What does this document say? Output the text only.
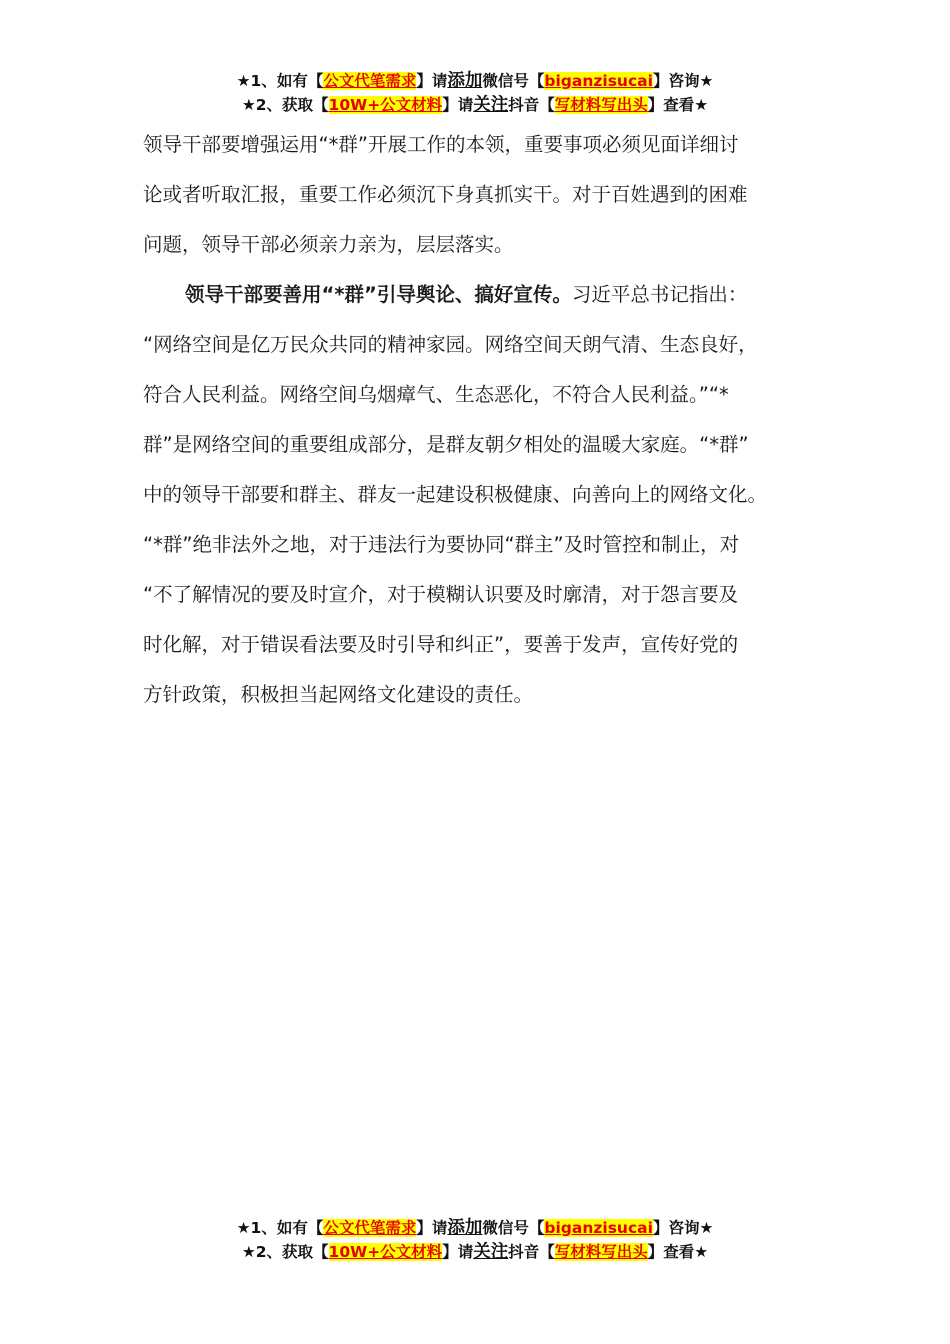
★1、如有【公文代笔需求】请添加微信号【biganzisucai】咨询★
★2、获取【10W+公文材料】请关注抖音【写材料写出头】查看★

领导干部要增强运用“*群”开展工作的本领，重要事项必须见面详细讨
论或者听取汇报，重要工作必须沉下身真抓实干。对于百姓遇到的困难
问题，领导干部必须亲力亲为，层层落实。

领导干部要善用“*群”引导舆论、搞好宣传。习近平总书记指出：
“网络空间是亿万民众共同的精神家园。网络空间天朗气清、生态良好，
符合人民利益。网络空间乌烟瘴气、生态恶化，不符合人民利益。”“*
群”是网络空间的重要组成部分，是群友朝夕相处的温暖大家庭。“*群”
中的领导干部要和群主、群友一起建设积极健康、向善向上的网络文化。
“*群”绝非法外之地，对于违法行为要协同“群主”及时管控和制止，对
“不了解情况的要及时宣介，对于模糊认识要及时廓清，对于怨言要及
时化解，对于错误看法要及时引导和纠正”，要善于发声，宣传好党的
方针政策，积极担当起网络文化建设的责任。

★1、如有【公文代笔需求】请添加微信号【biganzisucai】咨询★
★2、获取【10W+公文材料】请关注抖音【写材料写出头】查看★
